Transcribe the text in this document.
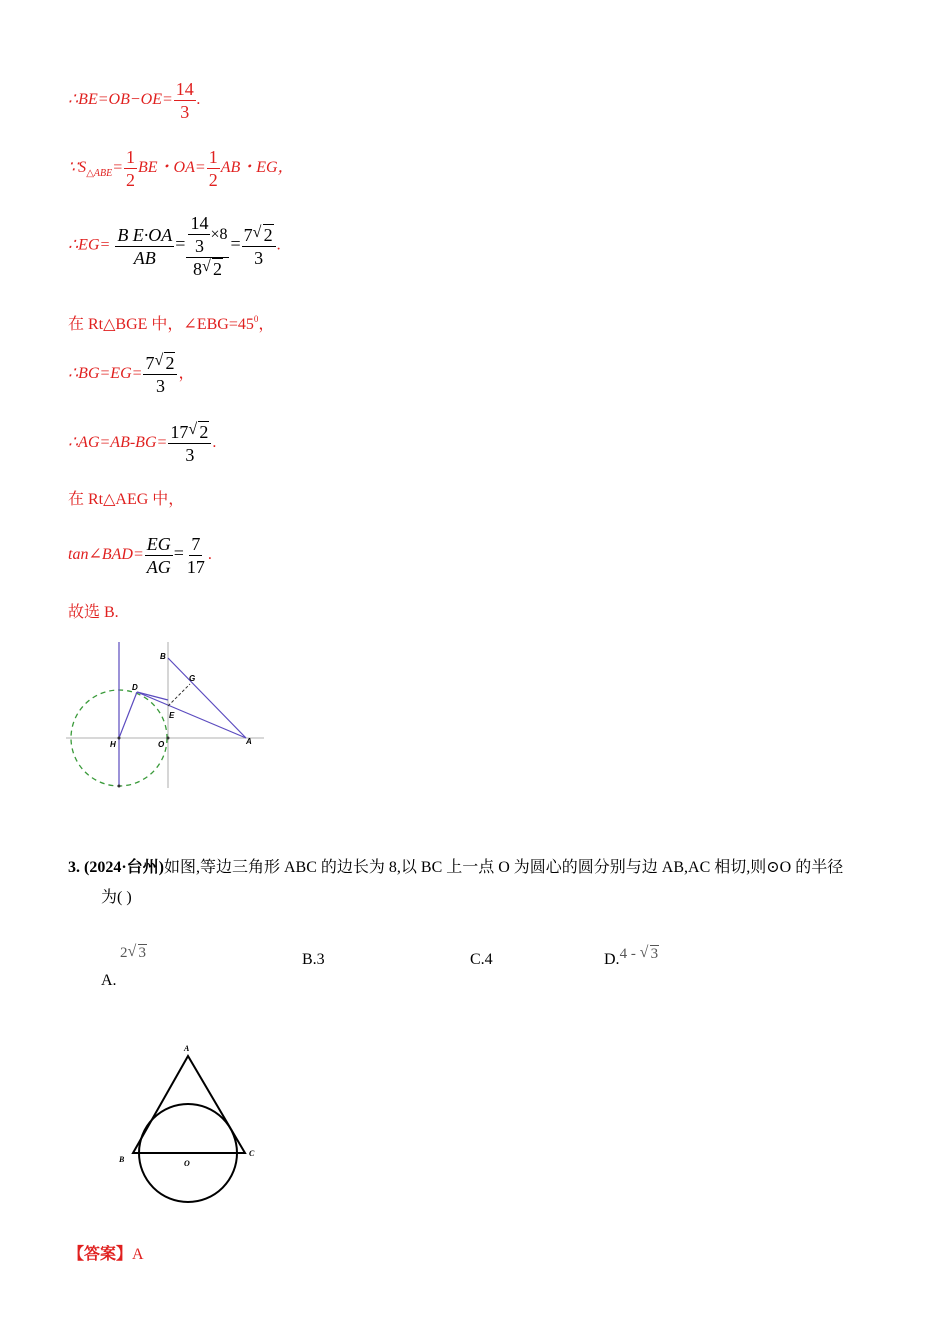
∴BE=OB−OE= $\frac{14}{3}$ .
$\because S_{\triangle ABE}= \frac{1}{2}$ BE・$OA= \frac{1}{2}$ AB・EG，
∴EG= $\frac{\text{B E·OA}}{AB} = \frac{\frac{14}{3} \times 8}{8 √ 2} = \frac{7 √ 2}{3}$ .
在 Rt△BGE 中，$\angle EBG=45^0$，
∴BG=EG= $\frac{7 √ 2}{3}$ ，
∴AG=AB-BG= $\frac{17 √ 2}{3}$ .
在 Rt△AEG 中，
tan∠BAD= $\frac{EG}{AG} = \frac{7}{17}$ .
故选 B.
B
G
D
E
H	O	A
3. (2024·台州)如图,等边三角形 ABC 的边长为 8,以 BC 上一点 O 为圆心的圆分别与边 AB,AC 相切,则⊙O 的半径
为( )
2 √ 3
A.
B.3	C.4	D.4 - √ 3
A
B
C
O
【答案】A
